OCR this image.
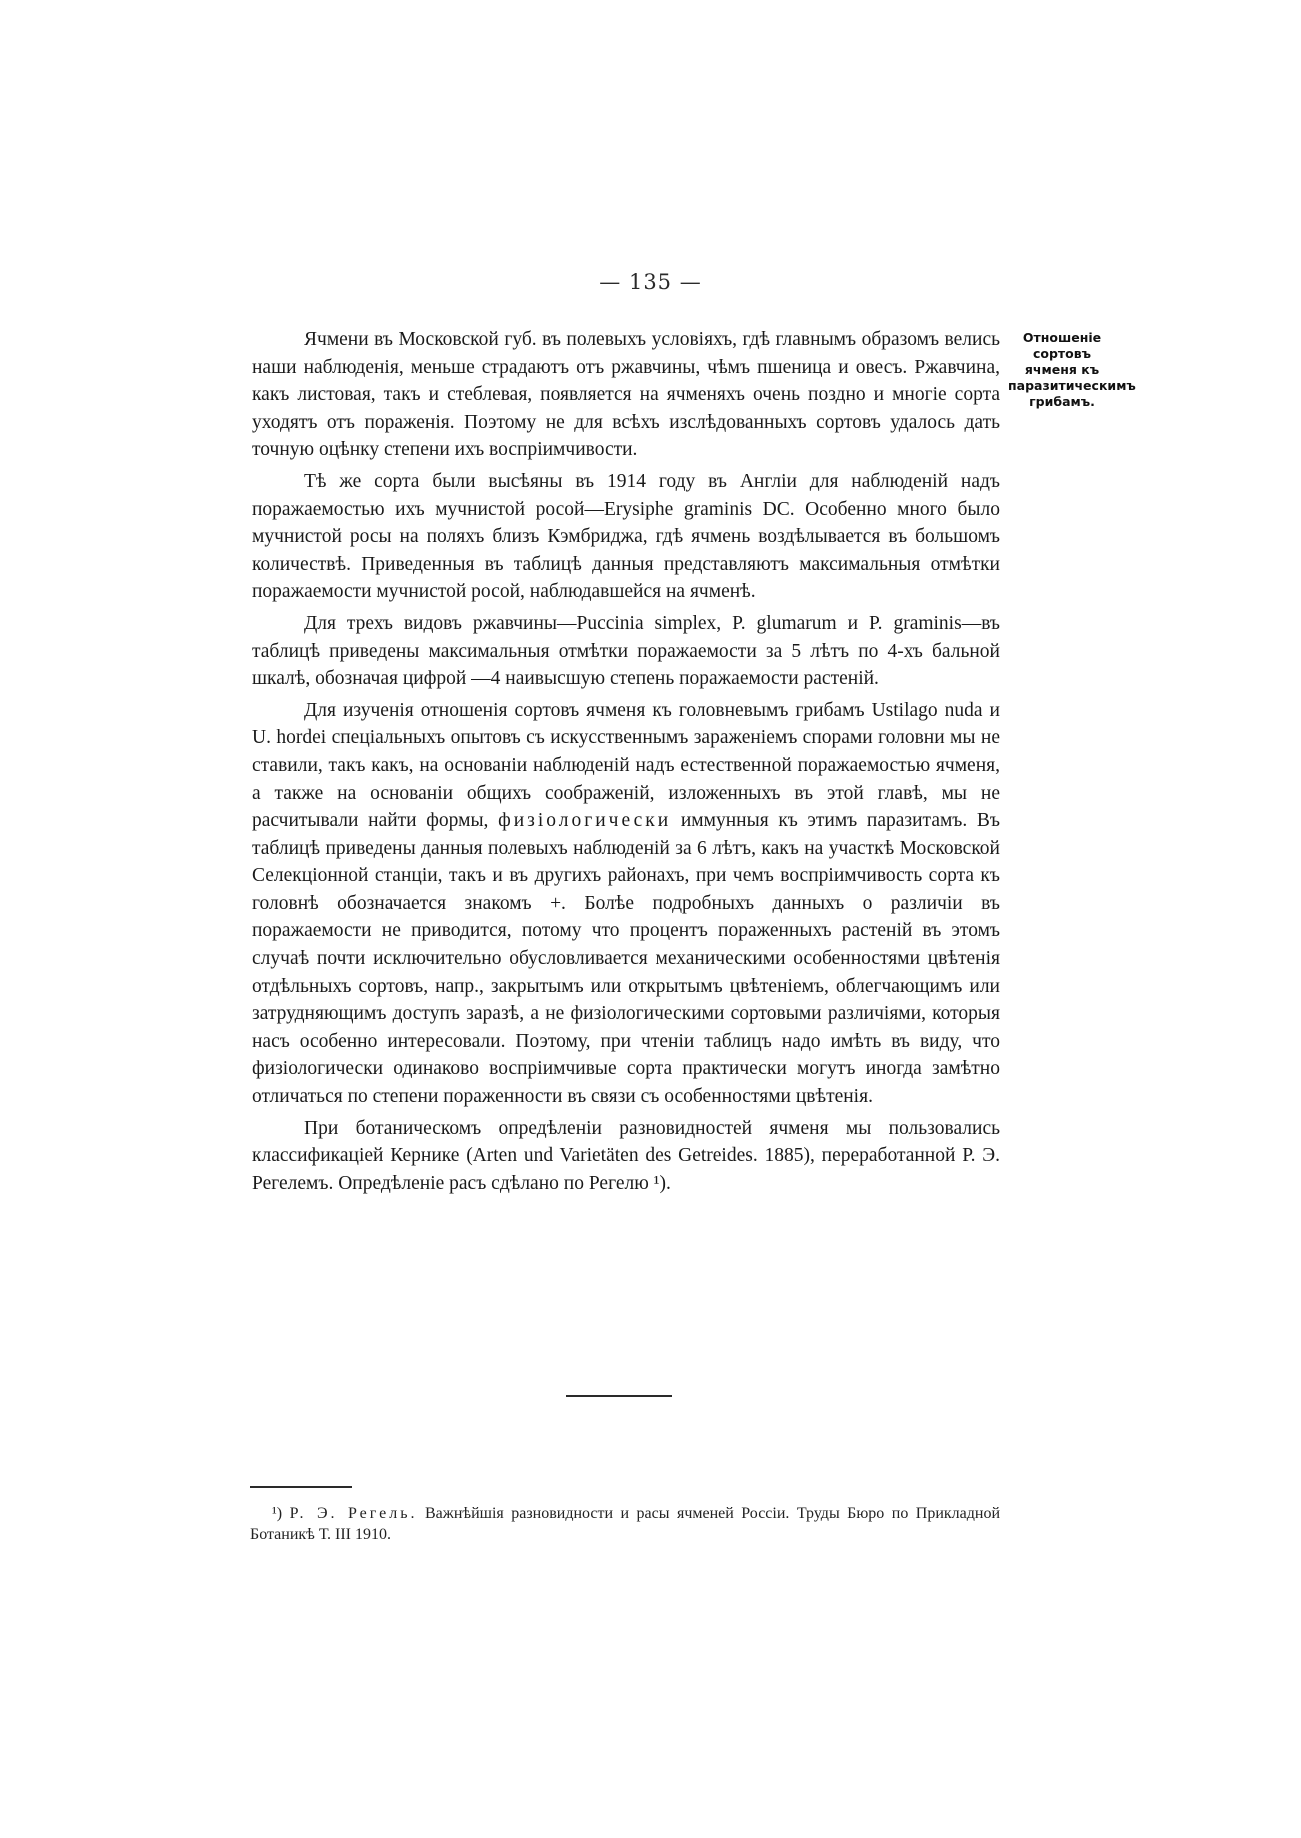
— 135 —
Отношенiе сортовъ ячменя къ паразитическимъ грибамъ.

Ячмени въ Московской губ. въ полевыхъ условiяхъ, гдѣ главнымъ образомъ велись наши наблюденiя, меньше страдаютъ отъ ржавчины, чѣмъ пшеница и овесъ. Ржавчина, какъ листовая, такъ и стеблевая, появляется на ячменяхъ очень поздно и многiе сорта уходятъ отъ пораженiя. Поэтому не для всѣхъ изслѣдованныхъ сортовъ удалось дать точную оцѣнку степени ихъ воспрiимчивости.

Тѣ же сорта были высѣяны въ 1914 году въ Англiи для наблюденiй надъ поражаемостью ихъ мучнистой росой—Erysiphe graminis DC. Особенно много было мучнистой росы на поляхъ близъ Кэмбриджа, гдѣ ячмень воздѣлывается въ большомъ количествѣ. Приведенныя въ таблицѣ данныя представляютъ максимальныя отмѣтки поражаемости мучнистой росой, наблюдавшейся на ячменѣ.

Для трехъ видовъ ржавчины—Puccinia simplex, P. glumarum и P. graminis—въ таблицѣ приведены максимальныя отмѣтки поражаемости за 5 лѣтъ по 4-хъ бальной шкалѣ, обозначая цифрой —4 наивысшую степень поражаемости растенiй.

Для изученiя отношенiя сортовъ ячменя къ головневымъ грибамъ Ustilago nuda и U. hordei спецiальныхъ опытовъ съ искусственнымъ зараженiемъ спорами головни мы не ставили, такъ какъ, на основанiи наблюденiй надъ естественной поражаемостью ячменя, а также на основанiи общихъ соображенiй, изложенныхъ въ этой главѣ, мы не расчитывали найти формы, физiологически иммунныя къ этимъ паразитамъ. Въ таблицѣ приведены данныя полевыхъ наблюденiй за 6 лѣтъ, какъ на участкѣ Московской Селекцiонной станцiи, такъ и въ другихъ районахъ, при чемъ воспрiимчивость сорта къ головнѣ обозначается знакомъ +. Болѣе подробныхъ данныхъ о различiи въ поражаемости не приводится, потому что процентъ пораженныхъ растенiй въ этомъ случаѣ почти исключительно обусловливается механическими особенностями цвѣтенiя отдѣльныхъ сортовъ, напр., закрытымъ или открытымъ цвѣтенiемъ, облегчающимъ или затрудняющимъ доступъ заразѣ, а не физiологическими сортовыми различiями, которыя насъ особенно интересовали. Поэтому, при чтенiи таблицъ надо имѣть въ виду, что физiологически одинаково воспрiимчивые сорта практически могутъ иногда замѣтно отличаться по степени пораженности въ связи съ особенностями цвѣтенiя.

При ботаническомъ опредѣленiи разновидностей ячменя мы пользовались классификацiей Кернике (Arten und Varietäten des Getreides. 1885), переработанной Р. Э. Регелемъ. Опредѣленiе расъ сдѣлано по Регелю ¹).

¹) Р. Э. Регель. Важнѣйшiя разновидности и расы ячменей Россiи. Труды Бюро по Прикладной Ботаникѣ Т. III 1910.
